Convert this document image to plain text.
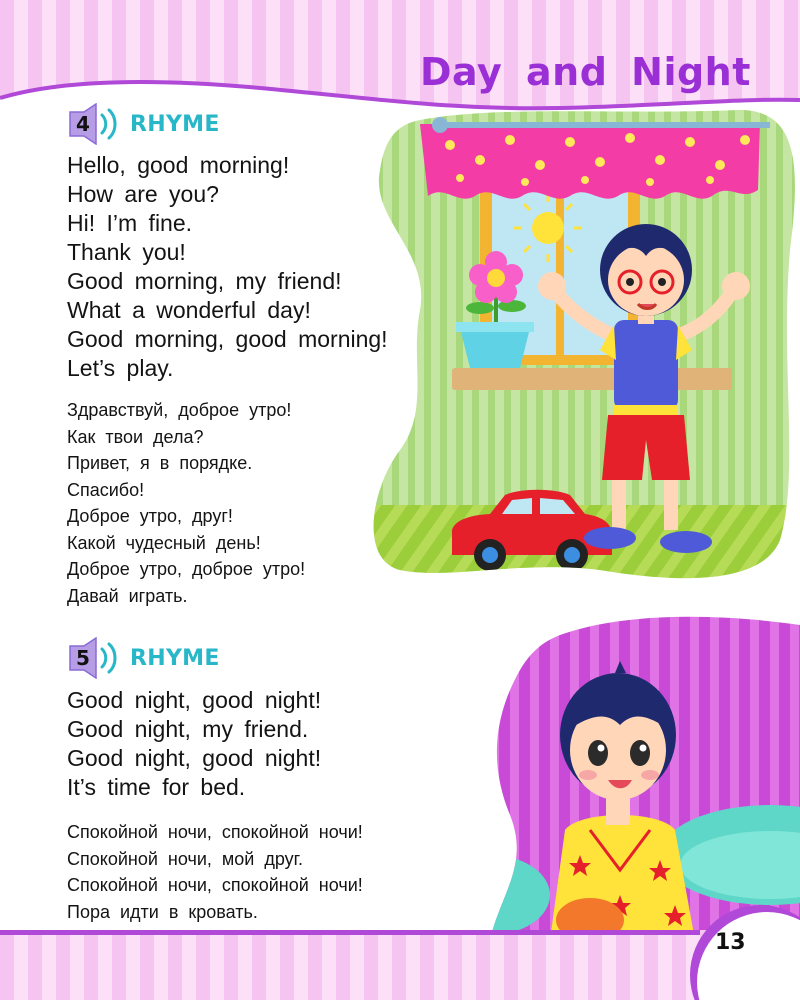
Day and Night
4	RHYME
Hello, good morning!
How are you?
Hi! I’m fine.
Thank you!
Good morning, my friend!
What a wonderful day!
Good morning, good morning!
Let’s play.
Здравствуй, доброе утро!
Как твои дела?
Привет, я в порядке.
Спасибо!
Доброе утро, друг!
Какой чудесный день!
Доброе утро, доброе утро!
Давай играть.
5	RHYME
Good night, good night!
Good night, my friend.
Good night, good night!
It’s time for bed.
Спокойной ночи, спокойной ночи!
Спокойной ночи, мой друг.
Спокойной ночи, спокойной ночи!
Пора идти в кровать.
13
